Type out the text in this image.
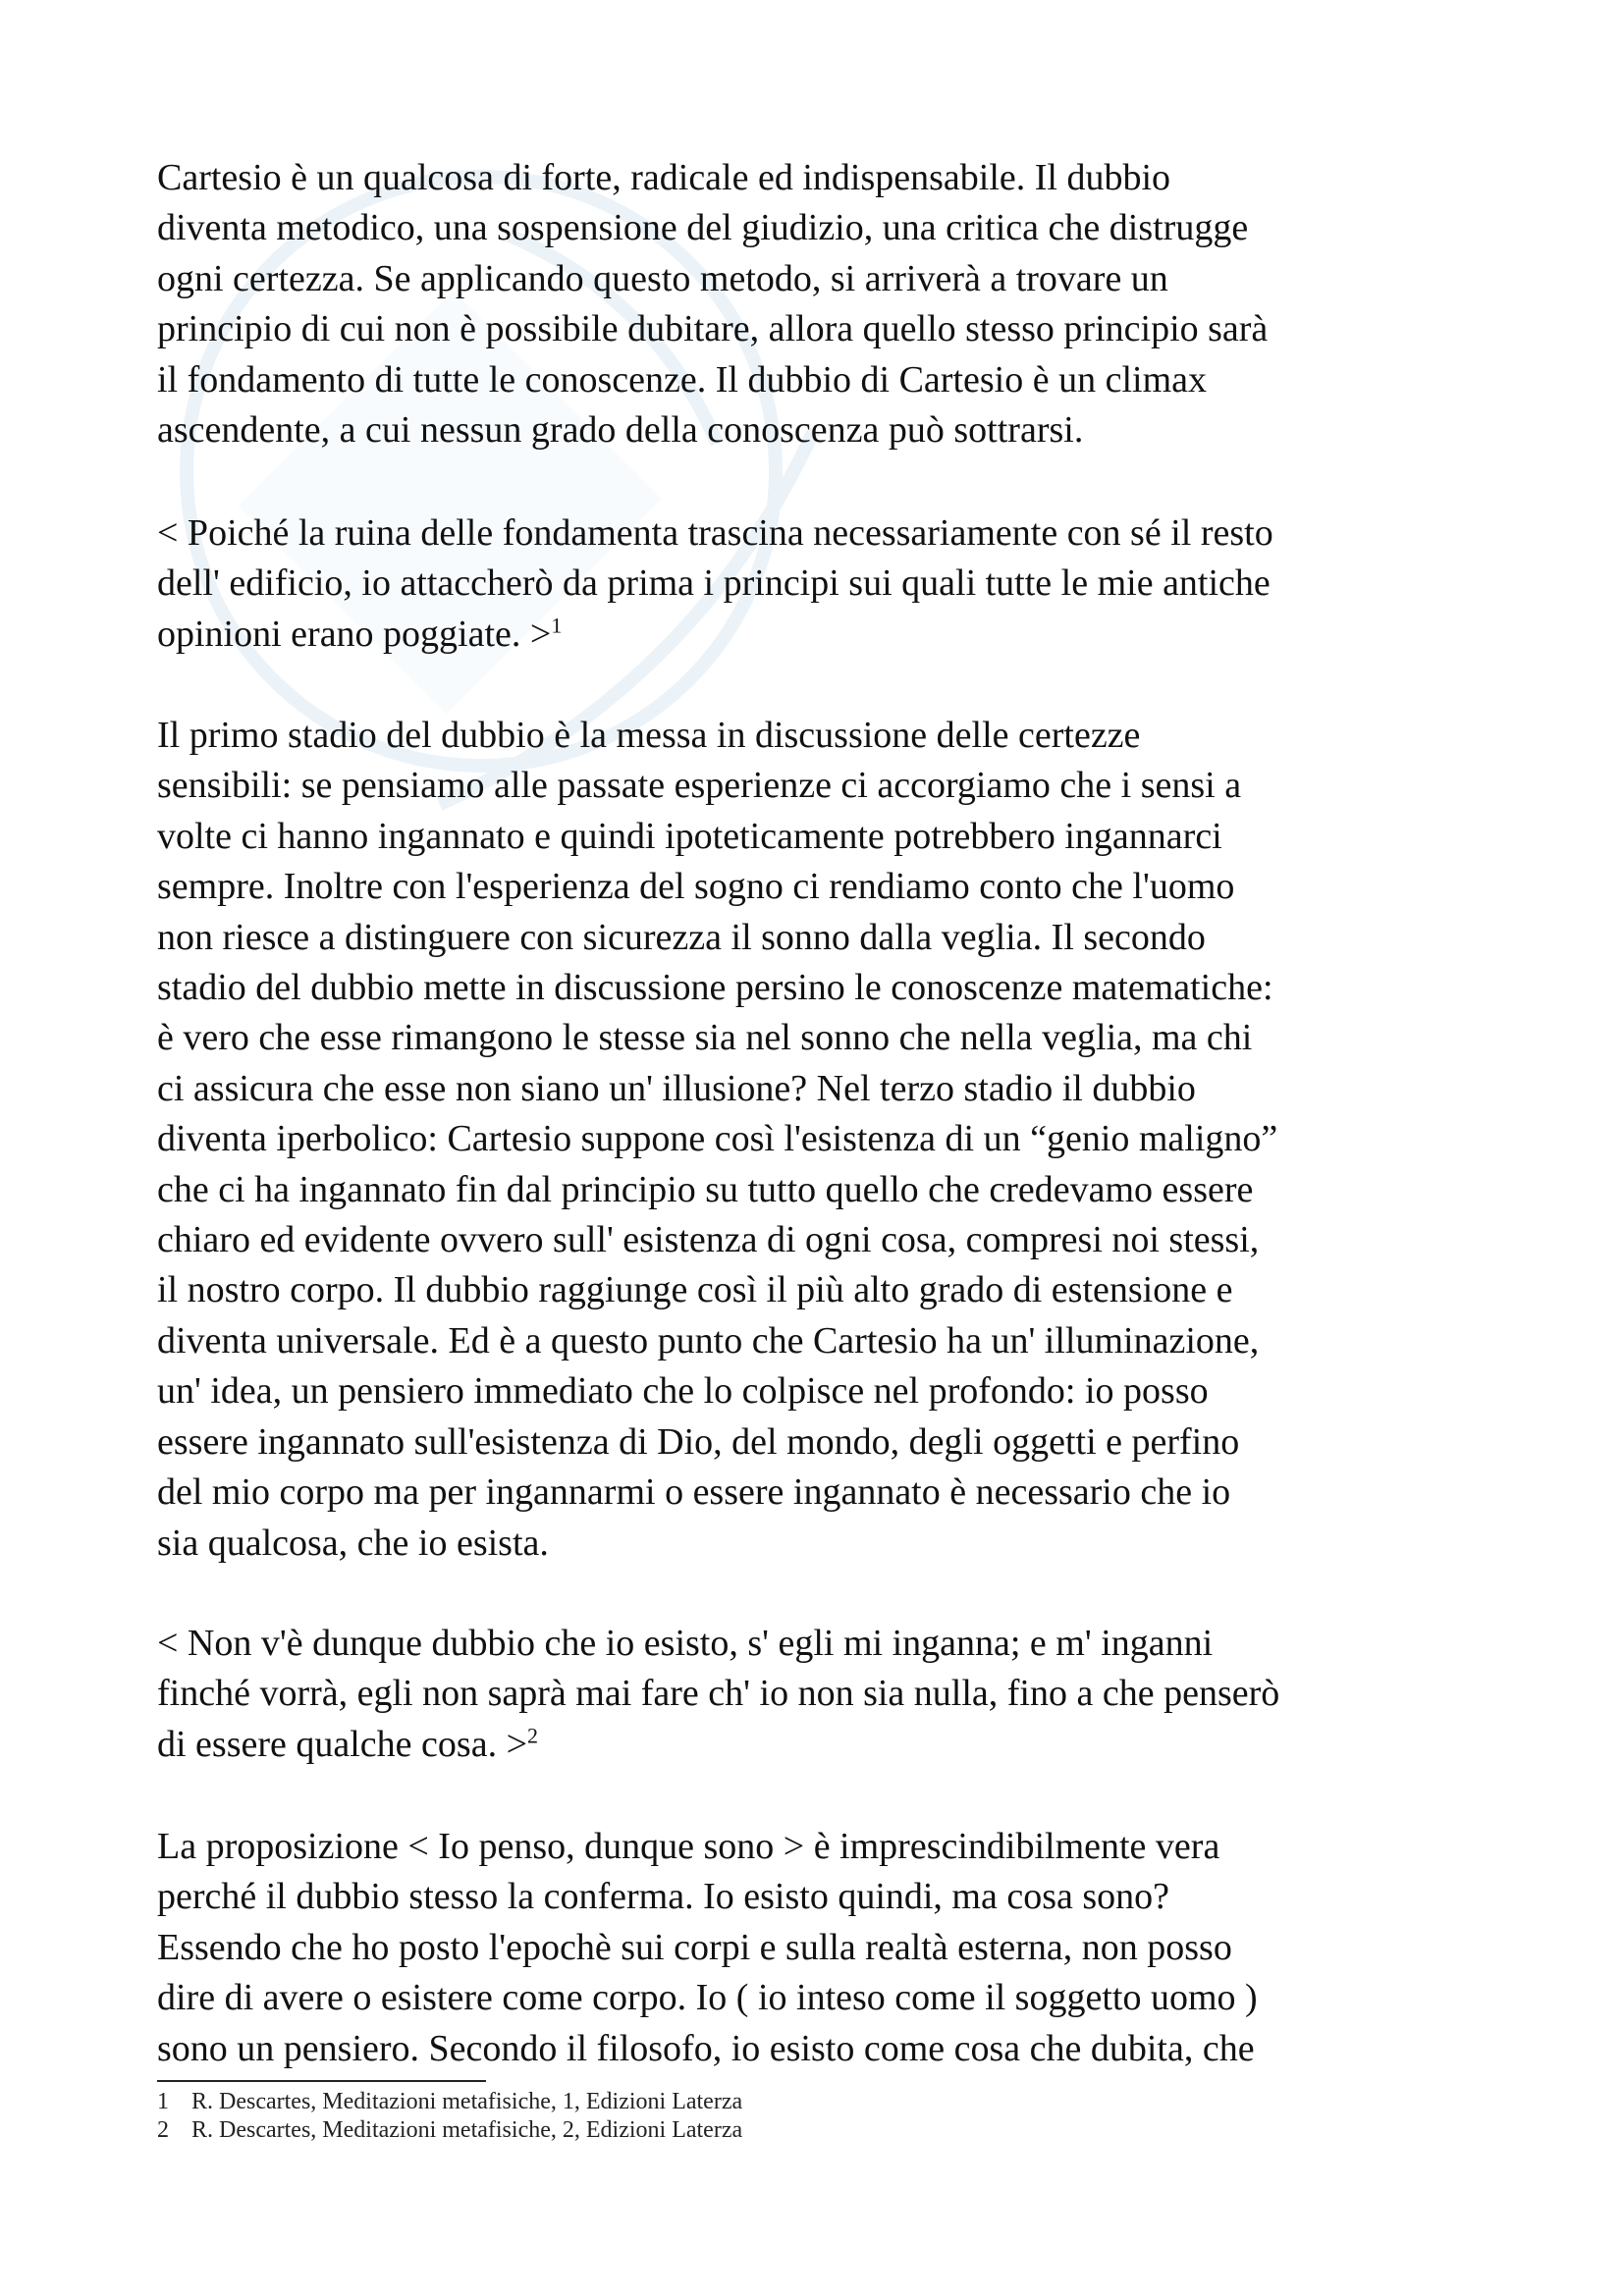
Cartesio è un qualcosa di forte, radicale ed indispensabile. Il dubbio
diventa metodico, una sospensione del giudizio, una critica che distrugge
ogni certezza. Se applicando questo metodo, si arriverà a trovare un
principio di cui non è possibile dubitare, allora quello stesso principio sarà
il fondamento di tutte le conoscenze. Il dubbio di Cartesio è un climax
ascendente, a cui nessun grado della conoscenza può sottrarsi.

< Poiché la ruina delle fondamenta trascina necessariamente con sé il resto
dell' edificio, io attaccherò da prima i principi sui quali tutte le mie antiche
opinioni erano poggiate. >$^1$

Il primo stadio del dubbio è la messa in discussione delle certezze
sensibili: se pensiamo alle passate esperienze ci accorgiamo che i sensi a
volte ci hanno ingannato e quindi ipoteticamente potrebbero ingannarci
sempre. Inoltre con l'esperienza del sogno ci rendiamo conto che l'uomo
non riesce a distinguere con sicurezza il sonno dalla veglia. Il secondo
stadio del dubbio mette in discussione persino le conoscenze matematiche:
è vero che esse rimangono le stesse sia nel sonno che nella veglia, ma chi
ci assicura che esse non siano un' illusione? Nel terzo stadio il dubbio
diventa iperbolico: Cartesio suppone così l'esistenza di un “genio maligno”
che ci ha ingannato fin dal principio su tutto quello che credevamo essere
chiaro ed evidente ovvero sull' esistenza di ogni cosa, compresi noi stessi,
il nostro corpo. Il dubbio raggiunge così il più alto grado di estensione e
diventa universale. Ed è a questo punto che Cartesio ha un' illuminazione,
un' idea, un pensiero immediato che lo colpisce nel profondo: io posso
essere ingannato sull'esistenza di Dio, del mondo, degli oggetti e perfino
del mio corpo ma per ingannarmi o essere ingannato è necessario che io
sia qualcosa, che io esista.

< Non v'è dunque dubbio che io esisto, s' egli mi inganna; e m' inganni
finché vorrà, egli non saprà mai fare ch' io non sia nulla, fino a che penserò
di essere qualche cosa. >$^2$

La proposizione < Io penso, dunque sono > è imprescindibilmente vera
perché il dubbio stesso la conferma. Io esisto quindi, ma cosa sono?
Essendo che ho posto l'epochè sui corpi e sulla realtà esterna, non posso
dire di avere o esistere come corpo. Io ( io inteso come il soggetto uomo )
sono un pensiero. Secondo il filosofo, io esisto come cosa che dubita, che

1 R. Descartes, Meditazioni metafisiche, 1, Edizioni Laterza

2 R. Descartes, Meditazioni metafisiche, 2, Edizioni Laterza
